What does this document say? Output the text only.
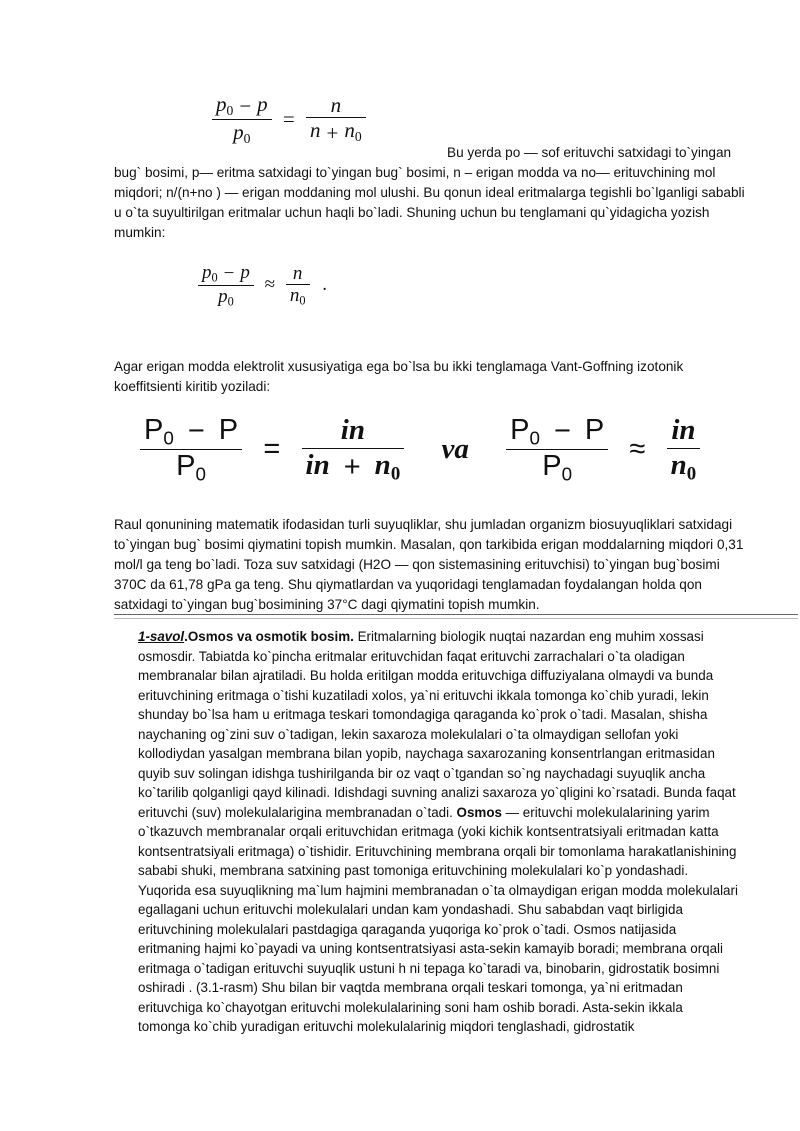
$\frac{p_0 - p}{p_0} = \frac{n}{n + n_0}$

Bu yerda po — sof erituvchi satxidagi to`yingan bug` bosimi, p— eritma satxidagi to`yingan bug` bosimi, n – erigan modda va no— erituvchining mol miqdori; n/(n+no ) — erigan moddaning mol ulushi. Bu qonun ideal eritmalarga tegishli bo`lganligi sababli u o`ta suyultirilgan eritmalar uchun haqli bo`ladi. Shuning uchun bu tenglamani qu`yidagicha yozish mumkin:

$\frac{p_0 - p}{p_0} \approx \frac{n}{n_0}$ .

Agar erigan modda elektrolit xususiyatiga ega bo`lsa bu ikki tenglamaga Vant-Goffning izotonik koeffitsienti kiritib yoziladi:

$\frac{P_0 - P}{P_0} = \frac{in}{in + n_0}$ va $\frac{P_0 - P}{P_0} \approx \frac{in}{n_0}$

Raul qonunining matematik ifodasidan turli suyuqliklar, shu jumladan organizm biosuyuqliklari satxidagi to`yingan bug` bosimi qiymatini topish mumkin. Masalan, qon tarkibida erigan moddalarning miqdori 0,31 mol/l ga teng bo`ladi. Toza suv satxidagi (H2O — qon sistemasining erituvchisi) to`yingan bug`bosimi 370C da 61,78 gPa ga teng. Shu qiymatlardan va yuqoridagi tenglamadan foydalangan holda qon satxidagi to`yingan bug`bosimining 37°C dagi qiymatini topish mumkin.

1-savol.Osmos va osmotik bosim. Eritmalarning biologik nuqtai nazardan eng muhim xossasi osmosdir. Tabiatda ko`pincha eritmalar erituvchidan faqat erituvchi zarrachalari o`ta oladigan membranalar bilan ajratiladi. Bu holda eritilgan modda erituvchiga diffuziyalana olmaydi va bunda erituvchining eritmaga o`tishi kuzatiladi xolos, ya`ni erituvchi ikkala tomonga ko`chib yuradi, lekin shunday bo`lsa ham u eritmaga teskari tomondagiga qaraganda ko`prok o`tadi. Masalan, shisha naychaning og`zini suv o`tadigan, lekin saxaroza molekulalari o`ta olmaydigan sellofan yoki kollodiydan yasalgan membrana bilan yopib, naychaga saxarozaning konsentrlangan eritmasidan quyib suv solingan idishga tushirilganda bir oz vaqt o`tgandan so`ng naychadagi suyuqlik ancha ko`tarilib qolganligi qayd kilinadi. Idishdagi suvning analizi saxaroza yo`qligini ko`rsatadi. Bunda faqat erituvchi (suv) molekulalarigina membranadan o`tadi. Osmos — erituvchi molekulalarining yarim o`tkazuvch membranalar orqali erituvchidan eritmaga (yoki kichik kontsentratsiyali eritmadan katta kontsentratsiyali eritmaga) o`tishidir. Erituvchining membrana orqali bir tomonlama harakatlanishining sababi shuki, membrana satxining past tomoniga erituvchining molekulalari ko`p yondashadi. Yuqorida esa suyuqlikning ma`lum hajmini membranadan o`ta olmaydigan erigan modda molekulalari egallagani uchun erituvchi molekulalari undan kam yondashadi. Shu sababdan vaqt birligida erituvchining molekulalari pastdagiga qaraganda yuqoriga ko`prok o`tadi. Osmos natijasida eritmaning hajmi ko`payadi va uning kontsentratsiyasi asta-sekin kamayib boradi; membrana orqali eritmaga o`tadigan erituvchi suyuqlik ustuni h ni tepaga ko`taradi va, binobarin, gidrostatik bosimni oshiradi . (3.1-rasm) Shu bilan bir vaqtda membrana orqali teskari tomonga, ya`ni eritmadan erituvchiga ko`chayotgan erituvchi molekulalarining soni ham oshib boradi. Asta-sekin ikkala tomonga ko`chib yuradigan erituvchi molekulalarinig miqdori tenglashadi, gidrostatik
